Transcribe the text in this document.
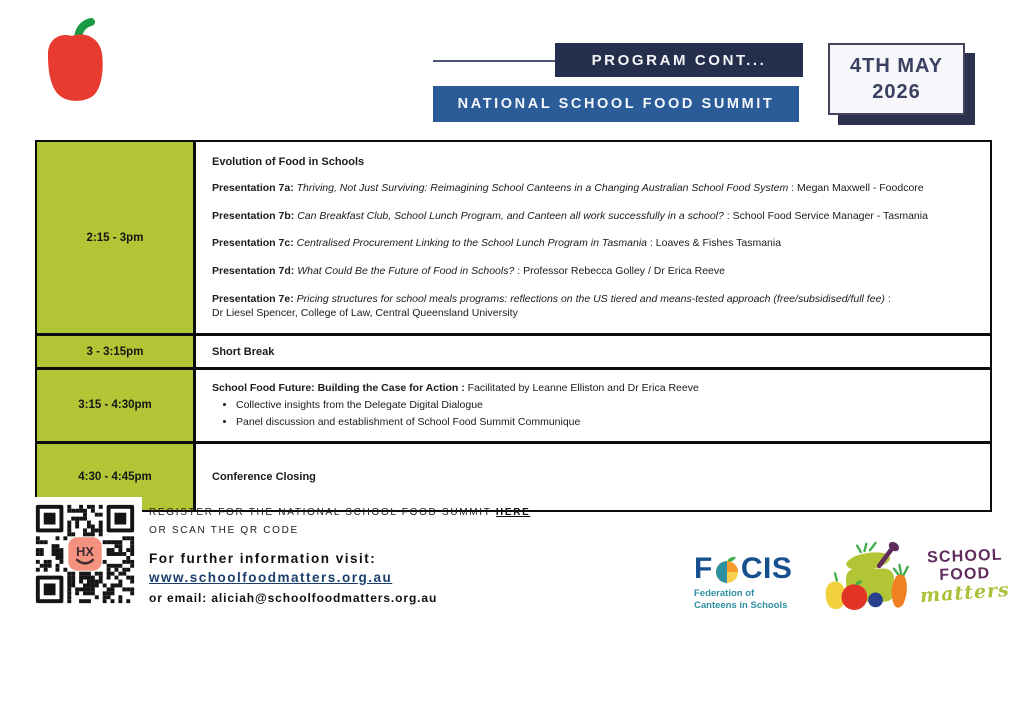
PROGRAM CONT...
NATIONAL SCHOOL FOOD SUMMIT
4TH MAY
2026
2:15 - 3pm

Evolution of Food in Schools

Presentation 7a: Thriving, Not Just Surviving: Reimagining School Canteens in a Changing Australian School Food System : Megan Maxwell - Foodcore

Presentation 7b: Can Breakfast Club, School Lunch Program, and Canteen all work successfully in a school? : School Food Service Manager - Tasmania

Presentation 7c: Centralised Procurement Linking to the School Lunch Program in Tasmania : Loaves & Fishes Tasmania

Presentation 7d: What Could Be the Future of Food in Schools? : Professor Rebecca Golley / Dr Erica Reeve

Presentation 7e: Pricing structures for school meals programs: reflections on the US tiered and means-tested approach (free/subsidised/full fee) :
Dr Liesel Spencer, College of Law, Central Queensland University

3 - 3:15pm	Short Break

3:15 - 4:30pm

School Food Future: Building the Case for Action : Facilitated by Leanne Elliston and Dr Erica Reeve

• Collective insights from the Delegate Digital Dialogue
• Panel discussion and establishment of School Food Summit Communique
4:30 - 4:45pm	Conference Closing

HX
REGISTER FOR THE NATIONAL SCHOOL FOOD SUMMIT HERE
OR SCAN THE QR CODE
For further information visit:
www.schoolfoodmatters.org.au
or email: aliciah@schoolfoodmatters.org.au
F CIS
Federation of
Canteens in Schools
SCHOOL
FOOD
matters
